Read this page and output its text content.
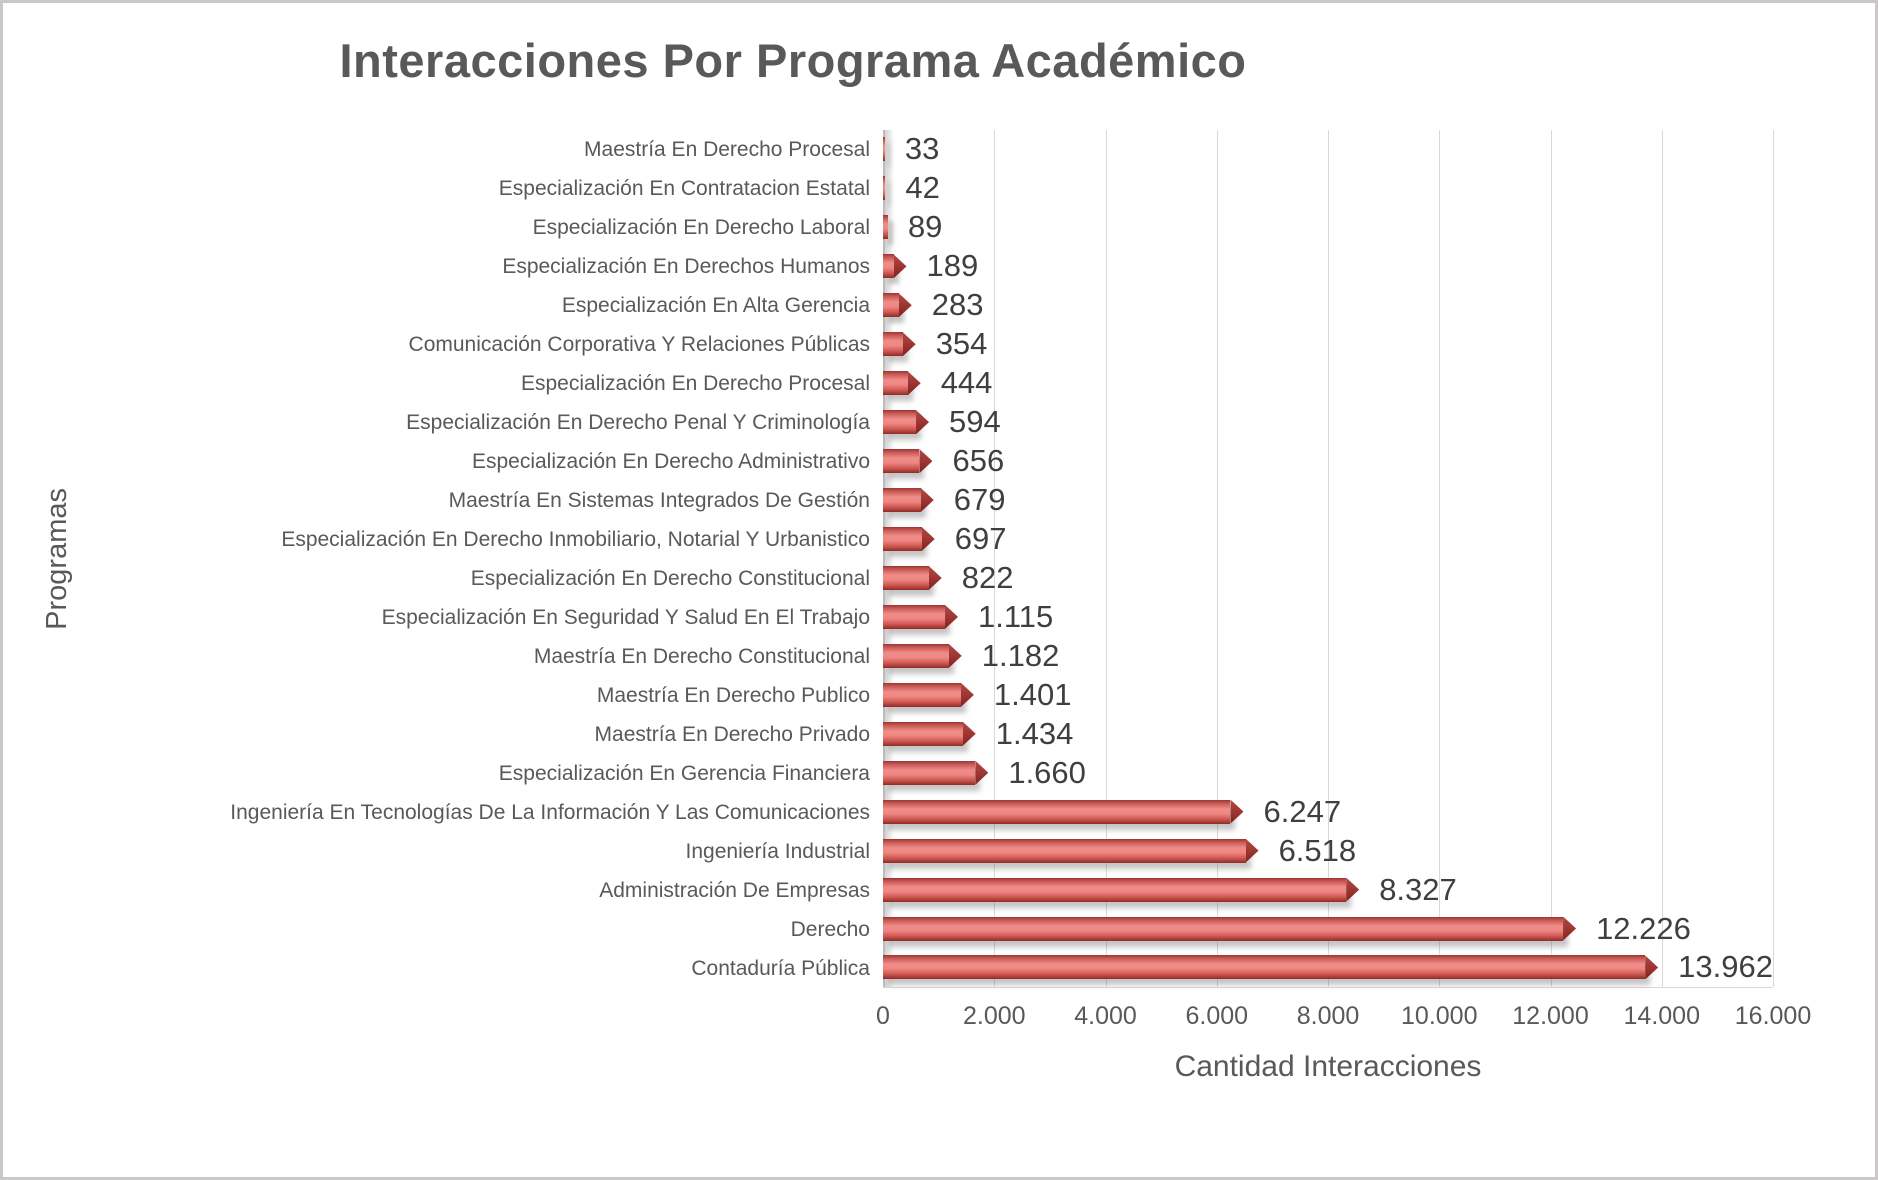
Interacciones Por Programa Académico
Programas
Maestría En Derecho Procesal
Especialización En Contratacion Estatal
Especialización En Derecho Laboral
Especialización En Derechos Humanos
Especialización En Alta Gerencia
Comunicación Corporativa Y Relaciones Públicas
Especialización En Derecho Procesal
Especialización En Derecho Penal Y Criminología
Especialización En Derecho Administrativo
Maestría En Sistemas Integrados De Gestión
Especialización En Derecho Inmobiliario, Notarial Y Urbanistico
Especialización En Derecho Constitucional
Especialización En Seguridad Y Salud En El Trabajo
Maestría En Derecho Constitucional
Maestría En Derecho Publico
Maestría En Derecho Privado
Especialización En Gerencia Financiera
Ingeniería En Tecnologías De La Información Y Las Comunicaciones
Ingeniería Industrial
Administración De Empresas
Derecho
Contaduría Pública
33
42
89
189
283
354
444
594
656
679
697
822
1.115
1.182
1.401
1.434
1.660
6.247
6.518
8.327
12.226
13.962
0	2.000 4.000 6.000 8.000 10.000 12.000 14.000 16.000
Cantidad Interacciones
